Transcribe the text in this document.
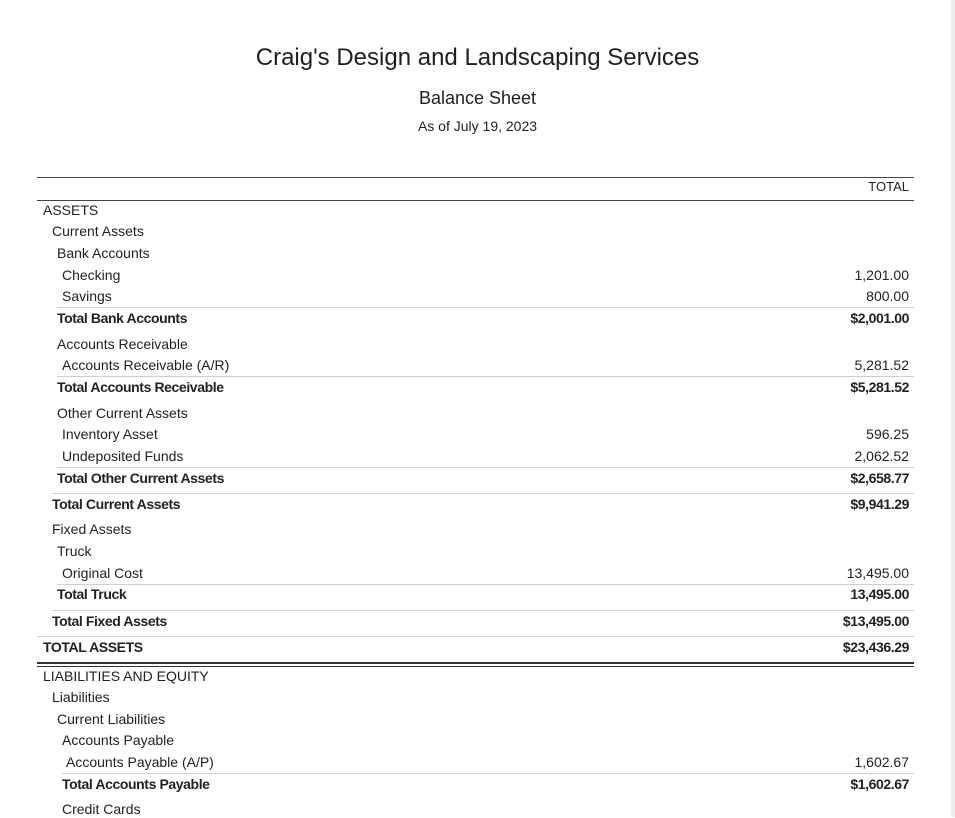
Craig's Design and Landscaping Services
Balance Sheet
As of July 19, 2023
TOTAL
ASSETS
Current Assets
Bank Accounts
Checking	1,201.00
Savings	800.00
Total Bank Accounts	$2,001.00
Accounts Receivable
Accounts Receivable (A/R)	5,281.52
Total Accounts Receivable	$5,281.52
Other Current Assets
Inventory Asset	596.25
Undeposited Funds	2,062.52
Total Other Current Assets	$2,658.77
Total Current Assets	$9,941.29
Fixed Assets
Truck
Original Cost	13,495.00
Total Truck	13,495.00
Total Fixed Assets	$13,495.00
TOTAL ASSETS	$23,436.29
LIABILITIES AND EQUITY
Liabilities
Current Liabilities
Accounts Payable
Accounts Payable (A/P)	1,602.67
Total Accounts Payable	$1,602.67
Credit Cards
